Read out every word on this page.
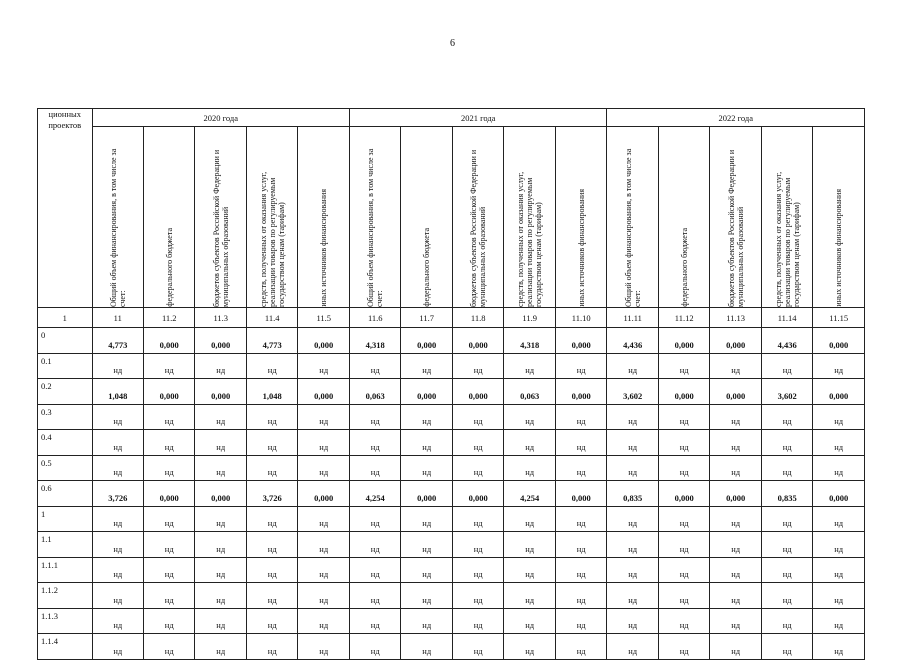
6
ционных
проектов	2020 года					2021 года					2022 года				

	Общий объем финансирования, в том числе за счет:	федерального бюджета	бюджетов субъектов Российской Федерации и муниципальных образований	средств, полученных от оказания услуг, реализации товаров по регулируемым государством ценам (тарифам)	иных источников финансирования	Общий объем финансирования, в том числе за счет:	федерального бюджета	бюджетов субъектов Российской Федерации и муниципальных образований	средств, полученных от оказания услуг, реализации товаров по регулируемым государством ценам (тарифам)	иных источников финансирования	Общий объем финансирования, в том числе за счет:	федерального бюджета	бюджетов субъектов Российской Федерации и муниципальных образований	средств, полученных от оказания услуг, реализации товаров по регулируемым государством ценам (тарифам)	иных источников финансирования

1	11	11.2	11.3	11.4	11.5	11.6	11.7	11.8	11.9	11.10	11.11	11.12	11.13	11.14	11.15
0	4,773	0,000	0,000	4,773	0,000	4,318	0,000	0,000	4,318	0,000	4,436	0,000	0,000	4,436	0,000
0.1	нд	нд	нд	нд	нд	нд	нд	нд	нд	нд	нд	нд	нд	нд	нд
0.2	1,048	0,000	0,000	1,048	0,000	0,063	0,000	0,000	0,063	0,000	3,602	0,000	0,000	3,602	0,000
0.3	нд	нд	нд	нд	нд	нд	нд	нд	нд	нд	нд	нд	нд	нд	нд
0.4	нд	нд	нд	нд	нд	нд	нд	нд	нд	нд	нд	нд	нд	нд	нд
0.5	нд	нд	нд	нд	нд	нд	нд	нд	нд	нд	нд	нд	нд	нд	нд
0.6	3,726	0,000	0,000	3,726	0,000	4,254	0,000	0,000	4,254	0,000	0,835	0,000	0,000	0,835	0,000
1	нд	нд	нд	нд	нд	нд	нд	нд	нд	нд	нд	нд	нд	нд	нд
1.1	нд	нд	нд	нд	нд	нд	нд	нд	нд	нд	нд	нд	нд	нд	нд
1.1.1	нд	нд	нд	нд	нд	нд	нд	нд	нд	нд	нд	нд	нд	нд	нд
1.1.2	нд	нд	нд	нд	нд	нд	нд	нд	нд	нд	нд	нд	нд	нд	нд
1.1.3	нд	нд	нд	нд	нд	нд	нд	нд	нд	нд	нд	нд	нд	нд	нд
1.1.4	нд	нд	нд	нд	нд	нд	нд	нд	нд	нд	нд	нд	нд	нд	нд
